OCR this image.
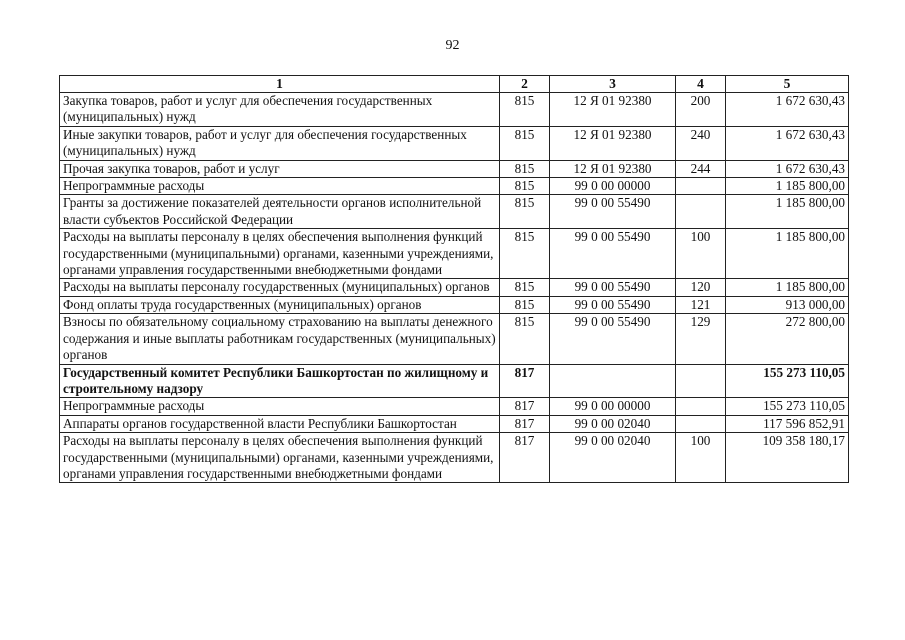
92
1	2	3	4	5
Закупка товаров, работ и услуг для обеспечения государственных (муниципальных) нужд	815	12 Я 01 92380	200	1 672 630,43
Иные закупки товаров, работ и услуг для обеспечения государственных (муниципальных) нужд	815	12 Я 01 92380	240	1 672 630,43
Прочая закупка товаров, работ и услуг	815	12 Я 01 92380	244	1 672 630,43
Непрограммные расходы	815	99 0 00 00000		1 185 800,00
Гранты за достижение показателей деятельности органов исполнительной власти субъектов Российской Федерации	815	99 0 00 55490		1 185 800,00
Расходы на выплаты персоналу в целях обеспечения выполнения функций государственными (муниципальными) органами, казенными учреждениями, органами управления государственными внебюджетными фондами	815	99 0 00 55490	100	1 185 800,00
Расходы на выплаты персоналу государственных (муниципальных) органов	815	99 0 00 55490	120	1 185 800,00
Фонд оплаты труда государственных (муниципальных) органов	815	99 0 00 55490	121	913 000,00
Взносы по обязательному социальному страхованию на выплаты денежного содержания и иные выплаты работникам государственных (муниципальных) органов	815	99 0 00 55490	129	272 800,00
Государственный комитет Республики Башкортостан по жилищному и строительному надзору	817			155 273 110,05
Непрограммные расходы	817	99 0 00 00000		155 273 110,05
Аппараты органов государственной власти Республики Башкортостан	817	99 0 00 02040		117 596 852,91
Расходы на выплаты персоналу в целях обеспечения выполнения функций государственными (муниципальными) органами, казенными учреждениями, органами управления государственными внебюджетными фондами	817	99 0 00 02040	100	109 358 180,17
